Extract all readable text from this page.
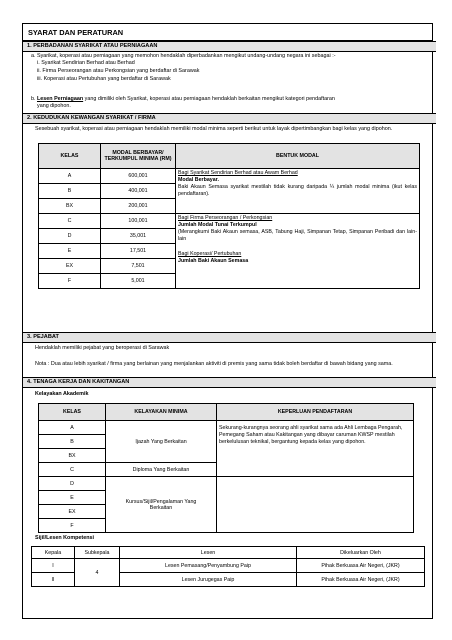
SYARAT DAN PERATURAN
1. PERBADANAN SYARIKAT ATAU PERNIAGAAN
a. Syarikat, koperasi atau perniagaan yang memohon hendaklah diperbadankan mengikut undang-undang negara ini sebagai :-
i. Syarikat Sendirian Berhad atau Berhad
ii. Firma Perseorangan atau Perkongsian yang berdaftar di Sarawak
iii. Koperasi atau Pertubuhan yang berdaftar di Sarawak
b. Lesen Perniagaan yang dimiliki oleh Syarikat, koperasi atau perniagaan hendaklah berkaitan mengikut kategori pendaftaran
yang dipohon.
2. KEDUDUKAN KEWANGAN SYARIKAT / FIRMA
Sesebuah syarikat, koperasi atau perniagaan hendaklah memiliki modal minima seperti berikut untuk layak dipertimbangkan bagi kelas yang dipohon.
KELAS	MODAL BERBAYAR/ TERKUMPUL MINIMA (RM)	BENTUK MODAL
A	600,001	Bagi Syarikat Sendirian Berhad atau Awam Berhad
Modal Berbayar.
Baki Akaun Semasa syarikat mestilah tidak kurang daripada ¼ jumlah modal minima (ikut kelas pendaftaran).

B	400,001	
BX	200,001	
C	100,001	Bagi Firma Perseorangan / Perkongsian
Jumlah Modal Tunai Terkumpul
(Merangkumi Baki Akaun semasa, ASB, Tabung Haji, Simpanan Tetap, Simpanan Peribadi dan lain-lain
Bagi Koperasi/ Pertubuhan
Jumlah Baki Akaun Semasa

D	35,001	
E	17,501	
EX	7,501	
F	5,001	
3. PEJABAT
Hendaklah memiliki pejabat yang beroperasi di Sarawak
Nota : Dua atau lebih syarikat / firma yang berlainan yang menjalankan aktiviti di premis yang sama tidak boleh berdaftar di bawah bidang yang sama.
4. TENAGA KERJA DAN KAKITANGAN
Kelayakan Akademik
KELAS	KELAYAKAN MINIMA	KEPERLUAN PENDAFTARAN
A	Ijazah Yang Berkaitan	Sekurang-kurangnya seorang ahli syarikat sama ada Ahli Lembaga Pengarah, Pemegang Saham atau Kakitangan yang dibayar caruman KWSP mestilah berkelulusan teknikal, bergantung kepada kelas yang dipohon.
B		
BX		
C	Diploma Yang Berkaitan	
D	Kursus/Sijil/Pengalaman Yang Berkaitan	
E		
EX		
F		
Sijil/Lesen Kompetensi
Kepala	Subkepala	Lesen	Dikeluarkan Oleh
I	4	Lesen Pemasang/Penyambung Paip	Pihak Berkuasa Air Negeri, (JKR)
II		Lesen Jurugegas Paip	Pihak Berkuasa Air Negeri, (JKR)
